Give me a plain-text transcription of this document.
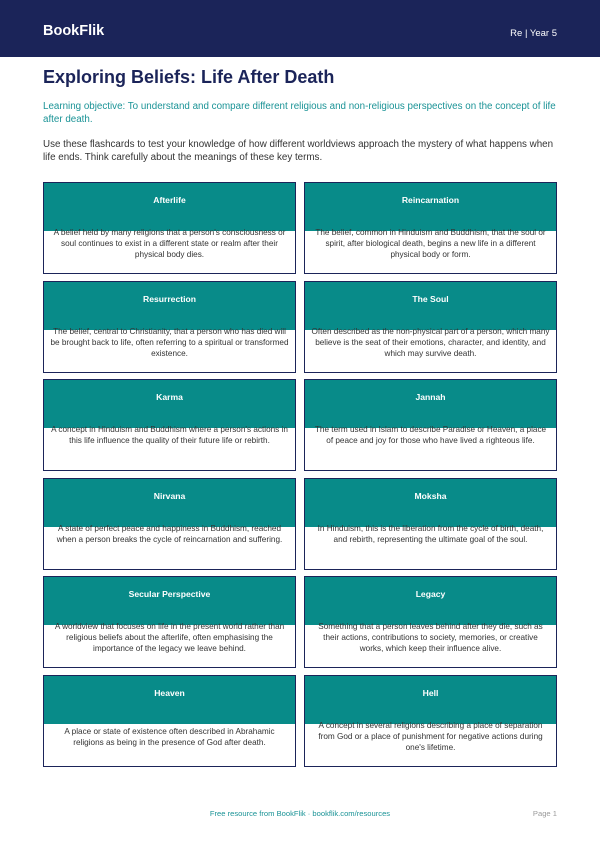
BookFlik	Re | Year 5
Exploring Beliefs: Life After Death

Learning objective: To understand and compare different religious and non-religious perspectives on the concept of life after death.

Use these flashcards to test your knowledge of how different worldviews approach the mystery of what happens when life ends. Think carefully about the meanings of these key terms.

Afterlife
A belief held by many religions that a person's consciousness or soul continues to exist in a different state or realm after their physical body dies.
Reincarnation
The belief, common in Hinduism and Buddhism, that the soul or spirit, after biological death, begins a new life in a different physical body or form.
Resurrection
The belief, central to Christianity, that a person who has died will be brought back to life, often referring to a spiritual or transformed existence.
The Soul
Often described as the non-physical part of a person, which many believe is the seat of their emotions, character, and identity, and which may survive death.
Karma
A concept in Hinduism and Buddhism where a person's actions in this life influence the quality of their future life or rebirth.
Jannah
The term used in Islam to describe Paradise or Heaven, a place of peace and joy for those who have lived a righteous life.
Nirvana
A state of perfect peace and happiness in Buddhism, reached when a person breaks the cycle of reincarnation and suffering.
Moksha
In Hinduism, this is the liberation from the cycle of birth, death, and rebirth, representing the ultimate goal of the soul.
Secular Perspective
A worldview that focuses on life in the present world rather than religious beliefs about the afterlife, often emphasising the importance of the legacy we leave behind.
Legacy
Something that a person leaves behind after they die, such as their actions, contributions to society, memories, or creative works, which keep their influence alive.
Heaven
A place or state of existence often described in Abrahamic religions as being in the presence of God after death.
Hell
A concept in several religions describing a place of separation from God or a place of punishment for negative actions during one's lifetime.
Free resource from BookFlik · bookflik.com/resources	Page 1
